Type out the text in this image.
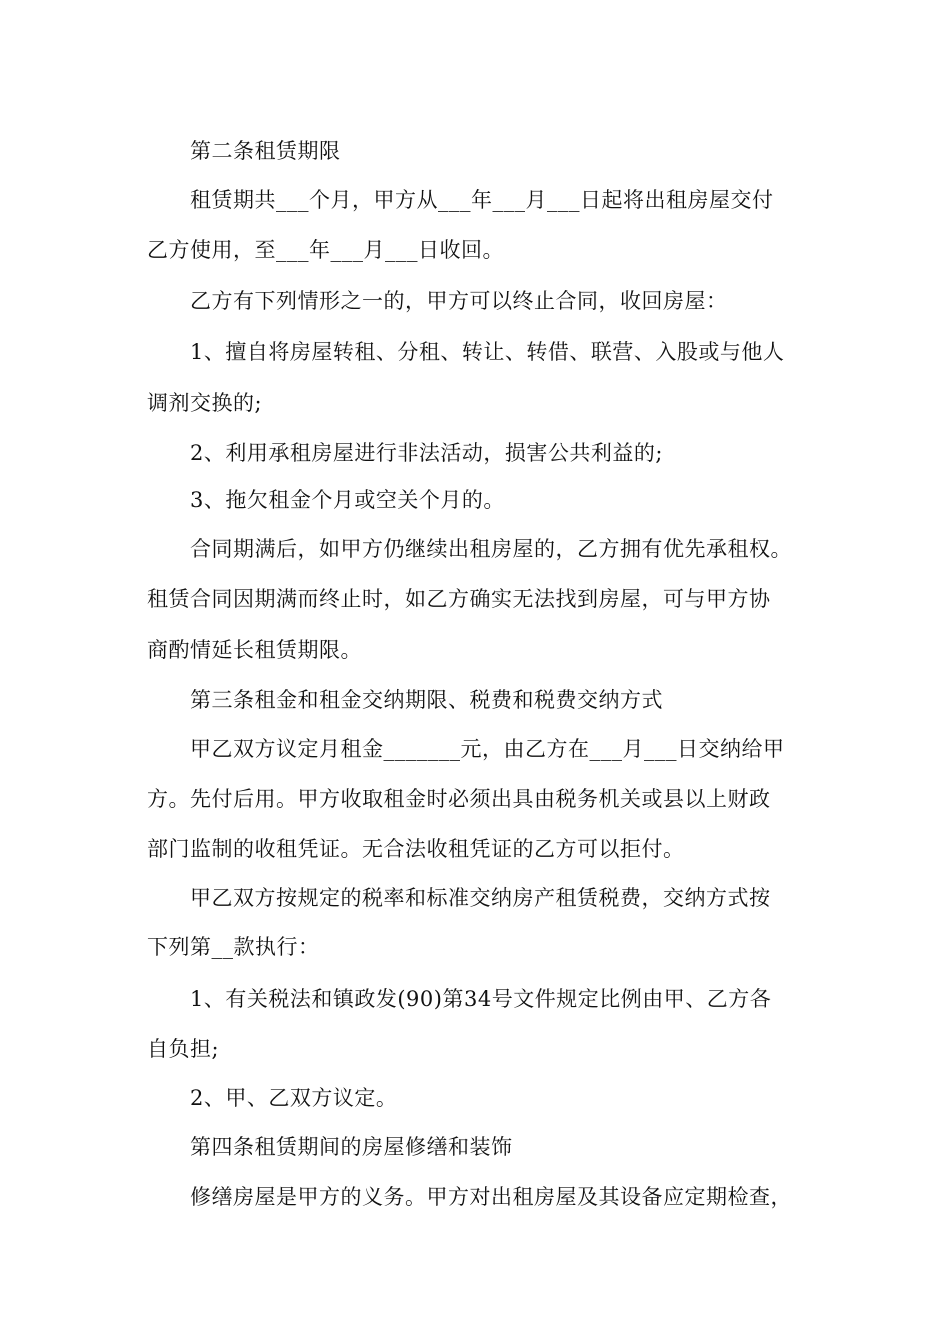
第二条租赁期限
租赁期共___个月，甲方从___年___月___日起将出租房屋交付
乙方使用，至___年___月___日收回。
乙方有下列情形之一的，甲方可以终止合同，收回房屋：
1、擅自将房屋转租、分租、转让、转借、联营、入股或与他人
调剂交换的;
2、利用承租房屋进行非法活动，损害公共利益的;
3、拖欠租金个月或空关个月的。
合同期满后，如甲方仍继续出租房屋的，乙方拥有优先承租权。
租赁合同因期满而终止时，如乙方确实无法找到房屋，可与甲方协
商酌情延长租赁期限。
第三条租金和租金交纳期限、税费和税费交纳方式
甲乙双方议定月租金_______元，由乙方在___月___日交纳给甲
方。先付后用。甲方收取租金时必须出具由税务机关或县以上财政
部门监制的收租凭证。无合法收租凭证的乙方可以拒付。
甲乙双方按规定的税率和标准交纳房产租赁税费，交纳方式按
下列第__款执行：
1、有关税法和镇政发(90)第34号文件规定比例由甲、乙方各
自负担;
2、甲、乙双方议定。
第四条租赁期间的房屋修缮和装饰
修缮房屋是甲方的义务。甲方对出租房屋及其设备应定期检查，
